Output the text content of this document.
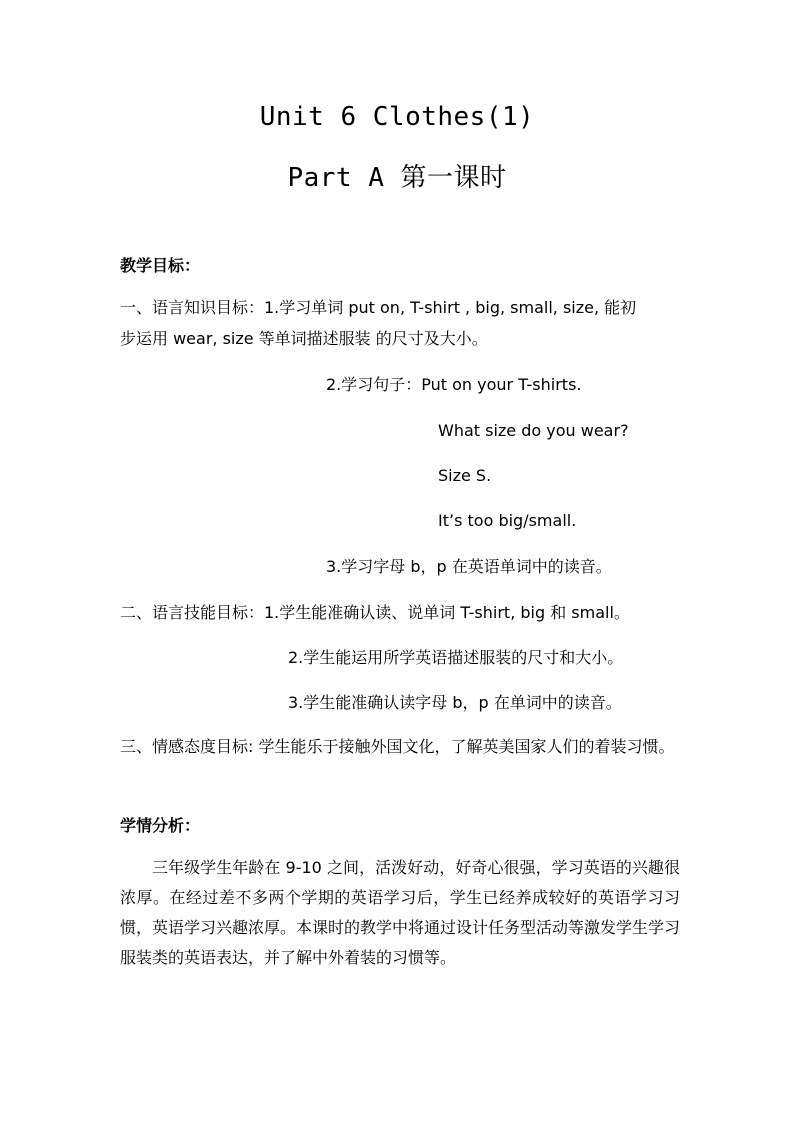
Unit 6 Clothes(1)
Part A 第一课时
教学目标：
一、语言知识目标：1.学习单词 put on, T-shirt , big, small, size, 能初
步运用 wear, size 等单词描述服装 的尺寸及大小。
2.学习句子：Put on your T-shirts.
What size do you wear?
Size S.
It’s too big/small.
3.学习字母 b，p 在英语单词中的读音。
二、语言技能目标：1.学生能准确认读、说单词 T-shirt, big 和 small。
2.学生能运用所学英语描述服装的尺寸和大小。
3.学生能准确认读字母 b，p 在单词中的读音。
三、情感态度目标: 学生能乐于接触外国文化，了解英美国家人们的着装习惯。
学情分析：
三年级学生年龄在 9-10 之间，活泼好动，好奇心很强，学习英语的兴趣很浓厚。在经过差不多两个学期的英语学习后，学生已经养成较好的英语学习习惯，英语学习兴趣浓厚。本课时的教学中将通过设计任务型活动等激发学生学习服装类的英语表达，并了解中外着装的习惯等。
